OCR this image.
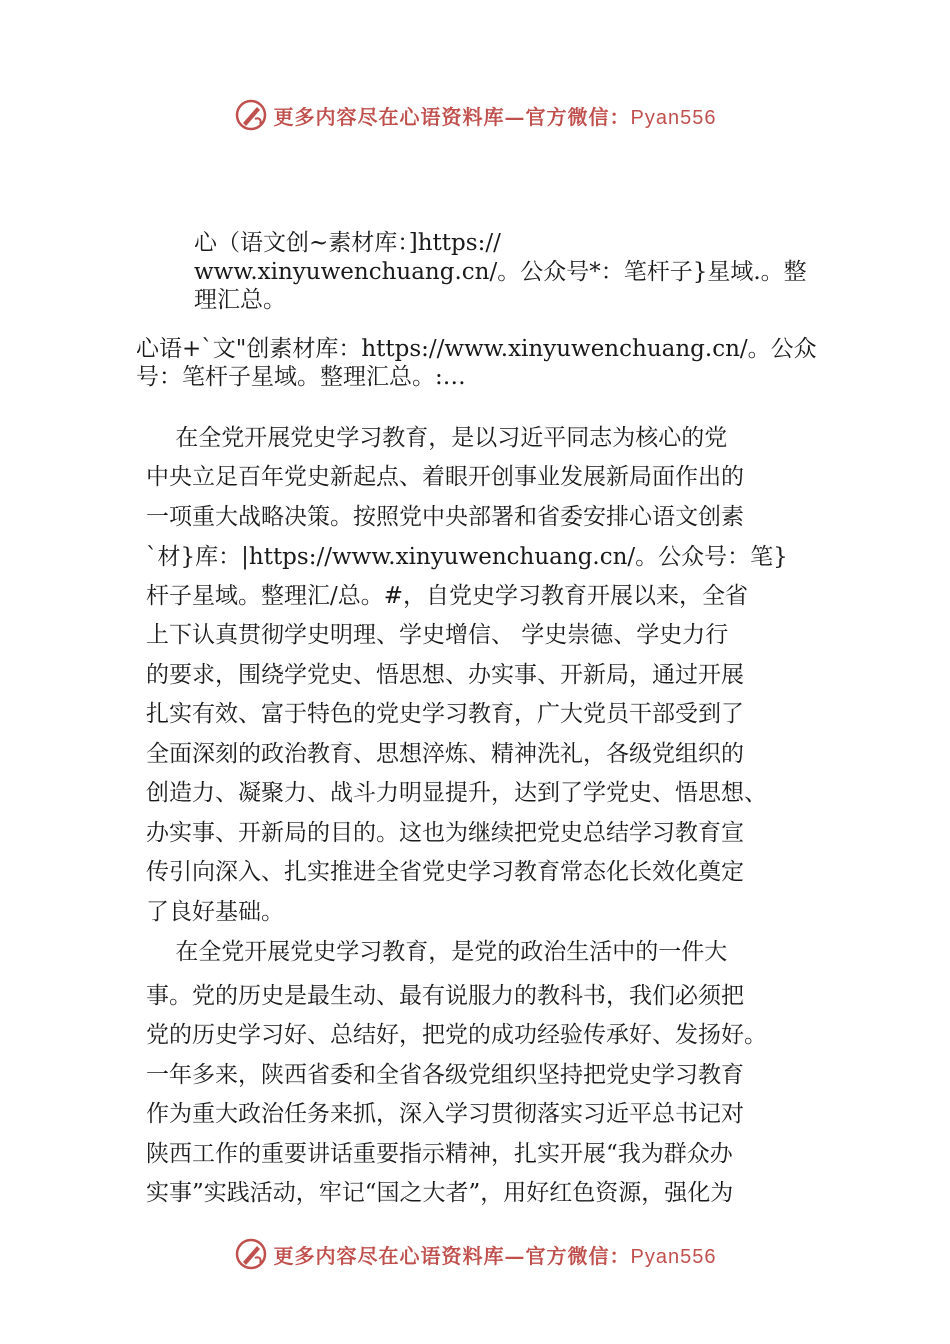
更多内容尽在心语资料库—官方微信：Pyan556
心（语文创~素材库：]https://
www.xinyuwenchuang.cn/。公众号*：笔杆子}星域.。整
理汇总。
心语+`文"创素材库：https://www.xinyuwenchuang.cn/。公众
号：笔杆子星域。整理汇总。:…
在全党开展党史学习教育，是以习近平同志为核心的党
中央立足百年党史新起点、着眼开创事业发展新局面作出的
一项重大战略决策。按照党中央部署和省委安排心语文创素
`材}库：|https://www.xinyuwenchuang.cn/。公众号：笔}
杆子星域。整理汇/总。#，自党史学习教育开展以来，全省
上下认真贯彻学史明理、学史增信、 学史崇德、学史力行
的要求，围绕学党史、悟思想、办实事、开新局，通过开展
扎实有效、富于特色的党史学习教育，广大党员干部受到了
全面深刻的政治教育、思想淬炼、精神洗礼，各级党组织的
创造力、凝聚力、战斗力明显提升，达到了学党史、悟思想、
办实事、开新局的目的。这也为继续把党史总结学习教育宣
传引向深入、扎实推进全省党史学习教育常态化长效化奠定
了良好基础。
在全党开展党史学习教育，是党的政治生活中的一件大
事。党的历史是最生动、最有说服力的教科书，我们必须把
党的历史学习好、总结好，把党的成功经验传承好、发扬好。
一年多来，陕西省委和全省各级党组织坚持把党史学习教育
作为重大政治任务来抓，深入学习贯彻落实习近平总书记对
陕西工作的重要讲话重要指示精神，扎实开展“我为群众办
实事”实践活动，牢记“国之大者”，用好红色资源，强化为
更多内容尽在心语资料库—官方微信：Pyan556
